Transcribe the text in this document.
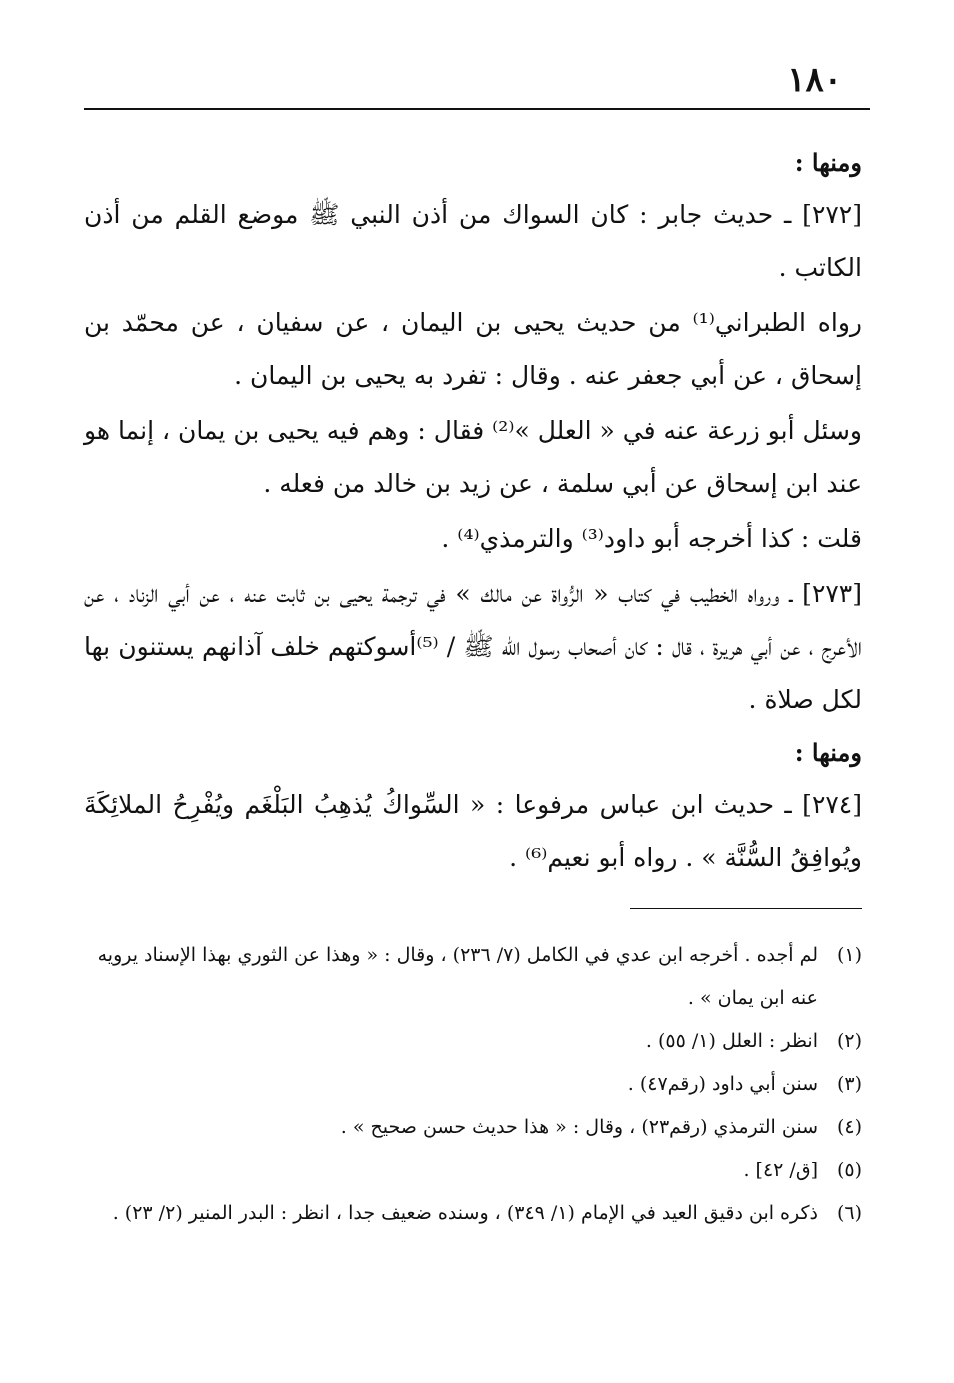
١٨٠

ومنها :

[٢٧٢] ـ حديث جابر : كان السواك من أذن النبي ﷺ موضع القلم من أذن الكاتب .

رواه الطبراني⁽¹⁾ من حديث يحيى بن اليمان ، عن سفيان ، عن محمّد بن إسحاق ، عن أبي جعفر عنه . وقال : تفرد به يحيى بن اليمان .

وسئل أبو زرعة عنه في « العلل »⁽²⁾ فقال : وهم فيه يحيى بن يمان ، إنما هو عند ابن إسحاق عن أبي سلمة ، عن زيد بن خالد من فعله .

قلت : كذا أخرجه أبو داود⁽³⁾ والترمذي⁽⁴⁾ .

[٢٧٣] ـ ورواه الخطيب في كتاب « الرُّواة عن مالك » في ترجمة يحيى بن ثابت عنه ، عن أبي الزناد ، عن الأعرج ، عن أبي هريرة ، قال : كان أصحاب رسول الله ﷺ / ⁽⁵⁾أسوكتهم خلف آذانهم يستنون بها لكل صلاة .

ومنها :

[٢٧٤] ـ حديث ابن عباس مرفوعا : « السِّواكُ يُذهِبُ البَلْغَم ويُفْرِحُ الملائِكَةَ ويُوافِقُ السُّنَّة » . رواه أبو نعيم⁽⁶⁾ .

(١)
لم أجده . أخرجه ابن عدي في الكامل (٧/ ٢٣٦) ، وقال : « وهذا عن الثوري بهذا الإسناد يرويه عنه ابن يمان » .
(٢)
انظر : العلل (١/ ٥٥) .
(٣)
سنن أبي داود (رقم٤٧) .
(٤)
سنن الترمذي (رقم٢٣) ، وقال : « هذا حديث حسن صحيح » .
(٥)
[ق/ ٤٢] .
(٦)
ذكره ابن دقيق العيد في الإمام (١/ ٣٤٩) ، وسنده ضعيف جدا ، انظر : البدر المنير (٢/ ٢٣) .
